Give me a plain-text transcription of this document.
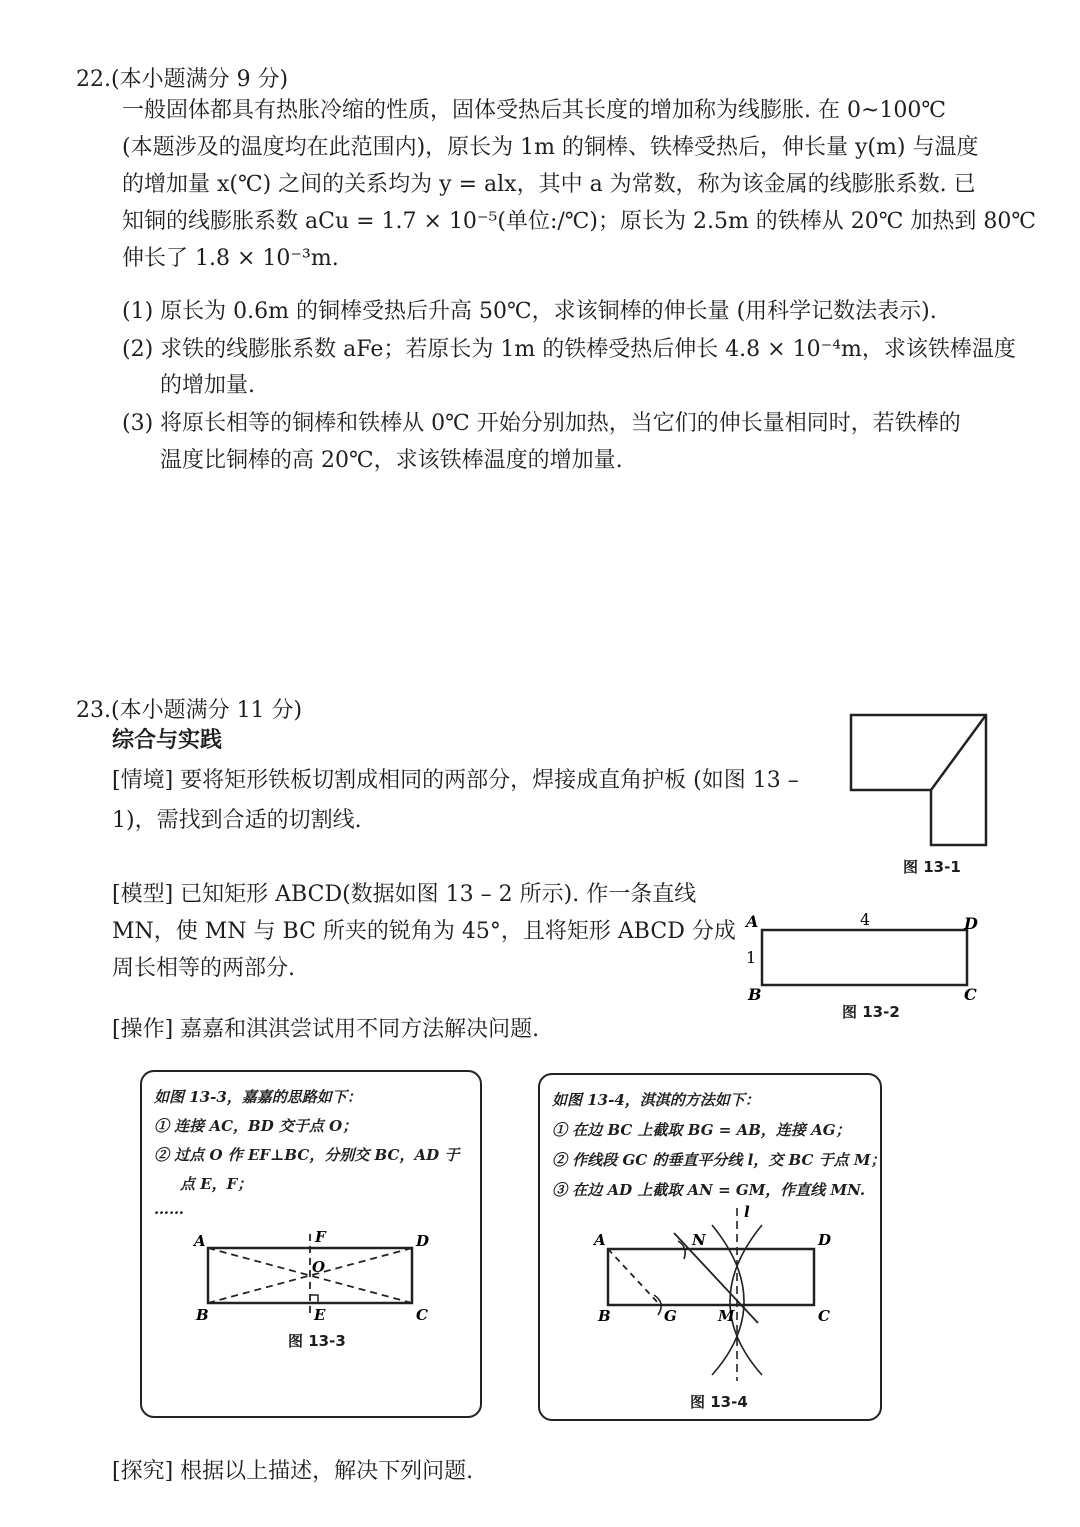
22.(本小题满分 9 分)
一般固体都具有热胀冷缩的性质，固体受热后其长度的增加称为线膨胀. 在 0~100℃
(本题涉及的温度均在此范围内)，原长为 1m 的铜棒、铁棒受热后，伸长量 y(m) 与温度
的增加量 x(℃) 之间的关系均为 y = alx，其中 a 为常数，称为该金属的线膨胀系数. 已
知铜的线膨胀系数 aCu = 1.7 × 10⁻⁵(单位:/℃)；原长为 2.5m 的铁棒从 20℃ 加热到 80℃
伸长了 1.8 × 10⁻³m.
(1) 原长为 0.6m 的铜棒受热后升高 50℃，求该铜棒的伸长量 (用科学记数法表示).
(2) 求铁的线膨胀系数 aFe；若原长为 1m 的铁棒受热后伸长 4.8 × 10⁻⁴m，求该铁棒温度
的增加量.
(3) 将原长相等的铜棒和铁棒从 0℃ 开始分别加热，当它们的伸长量相同时，若铁棒的
温度比铜棒的高 20℃，求该铁棒温度的增加量.
23.(本小题满分 11 分)
综合与实践
[情境] 要将矩形铁板切割成相同的两部分，焊接成直角护板 (如图 13 –
1)，需找到合适的切割线.
图 13-1
[模型] 已知矩形 ABCD(数据如图 13 – 2 所示). 作一条直线
MN，使 MN 与 BC 所夹的锐角为 45°，且将矩形 ABCD 分成
周长相等的两部分.
A	D
B	C
4
1
图 13-2
[操作] 嘉嘉和淇淇尝试用不同方法解决问题.
如图 13-3，嘉嘉的思路如下：
① 连接 AC，BD 交于点 O；
② 过点 O 作 EF⊥BC，分别交 BC，AD 于
点 E，F；
……
A	D
B	C
F
O
E
图 13-3
如图 13-4，淇淇的方法如下：
① 在边 BC 上截取 BG = AB，连接 AG；
② 作线段 GC 的垂直平分线 l，交 BC 于点 M；
③ 在边 AD 上截取 AN = GM，作直线 MN.
A	D
B	C
G
N
M
l
图 13-4
[探究] 根据以上描述，解决下列问题.
